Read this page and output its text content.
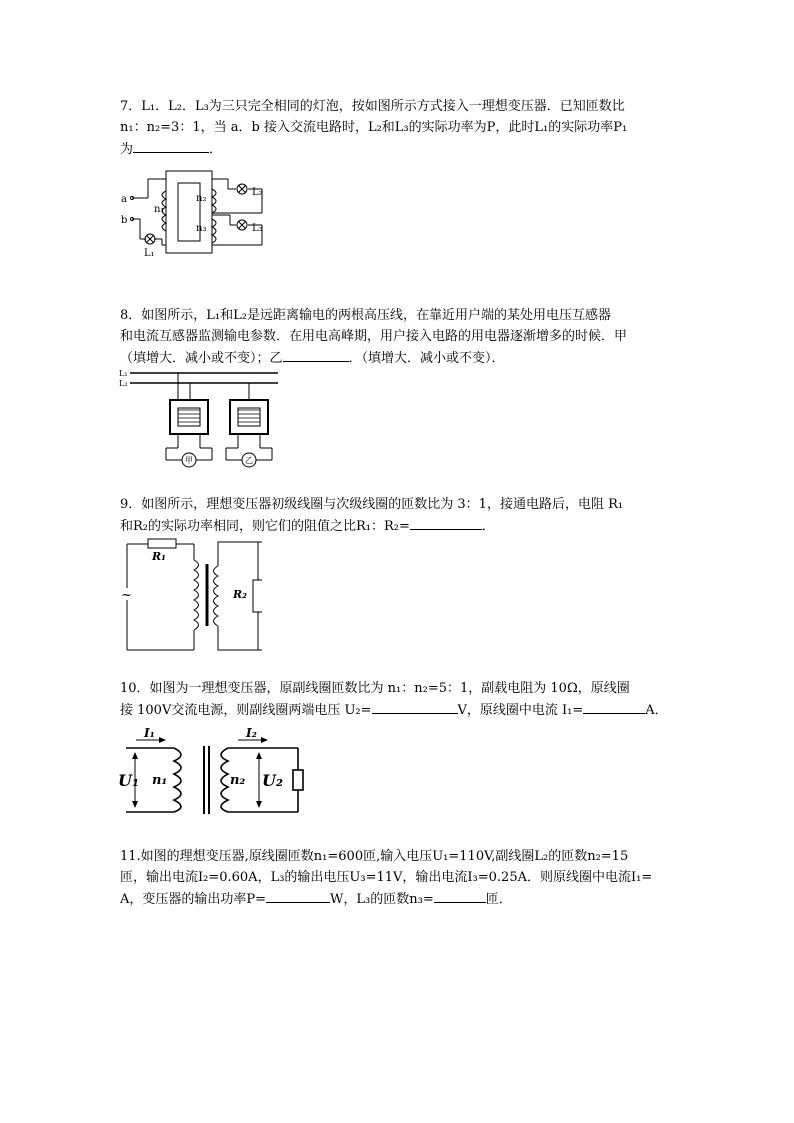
7．L₁．L₂．L₃为三只完全相同的灯泡，按如图所示方式接入一理想变压器．已知匝数比

n₁：n₂=3：1，当 a．b 接入交流电路时，L₂和L₃的实际功率为P，此时L₁的实际功率P₁

为	．

a
b
n₁
n₂
n₃
L₁
L₂
L₃

8．如图所示，L₁和L₂是远距离输电的两根高压线，在靠近用户端的某处用电压互感器

和电流互感器监测输电参数．在用电高峰期，用户接入电路的用电器逐渐增多的时候．甲

（填增大．减小或不变）；乙	．（填增大．减小或不变）．

L₁
L₂
甲	乙

9．如图所示，理想变压器初级线圈与次级线圈的匝数比为 3：1，接通电路后，电阻 R₁

和R₂的实际功率相同，则它们的阻值之比R₁：R₂=	．

R₁
R₂
~

10．如图为一理想变压器，原副线圈匝数比为 n₁：n₂=5：1，副载电阻为 10Ω，原线圈

接 100V交流电源，则副线圈两端电压 U₂=	V，原线圈中电流 I₁=	A．

I₁	I₂
U₁	U₂
n₁	n₂

11.如图的理想变压器,原线圈匝数n₁=600匝,输入电压U₁=110V,副线圈L₂的匝数n₂=15

匝，输出电流I₂=0.60A，L₃的输出电压U₃=11V，输出电流I₃=0.25A．则原线圈中电流I₁=

A，变压器的输出功率P=	W，L₃的匝数n₃=	匝．
